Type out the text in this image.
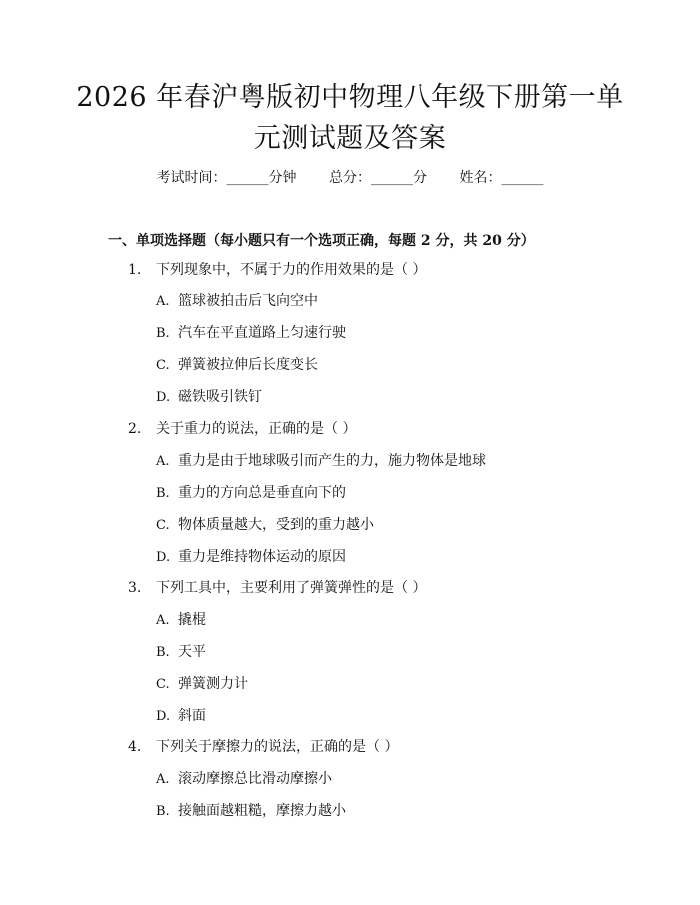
2026 年春沪粤版初中物理八年级下册第一单
元测试题及答案
考试时间：______分钟 总分：______分 姓名：______
一、单项选择题（每小题只有一个选项正确，每题 2 分，共 20 分）
1. 下列现象中，不属于力的作用效果的是（ ）
A. 篮球被拍击后飞向空中
B. 汽车在平直道路上匀速行驶
C. 弹簧被拉伸后长度变长
D. 磁铁吸引铁钉
2. 关于重力的说法，正确的是（ ）
A. 重力是由于地球吸引而产生的力，施力物体是地球
B. 重力的方向总是垂直向下的
C. 物体质量越大，受到的重力越小
D. 重力是维持物体运动的原因
3. 下列工具中，主要利用了弹簧弹性的是（ ）
A. 撬棍
B. 天平
C. 弹簧测力计
D. 斜面
4. 下列关于摩擦力的说法，正确的是（ ）
A. 滚动摩擦总比滑动摩擦小
B. 接触面越粗糙，摩擦力越小
